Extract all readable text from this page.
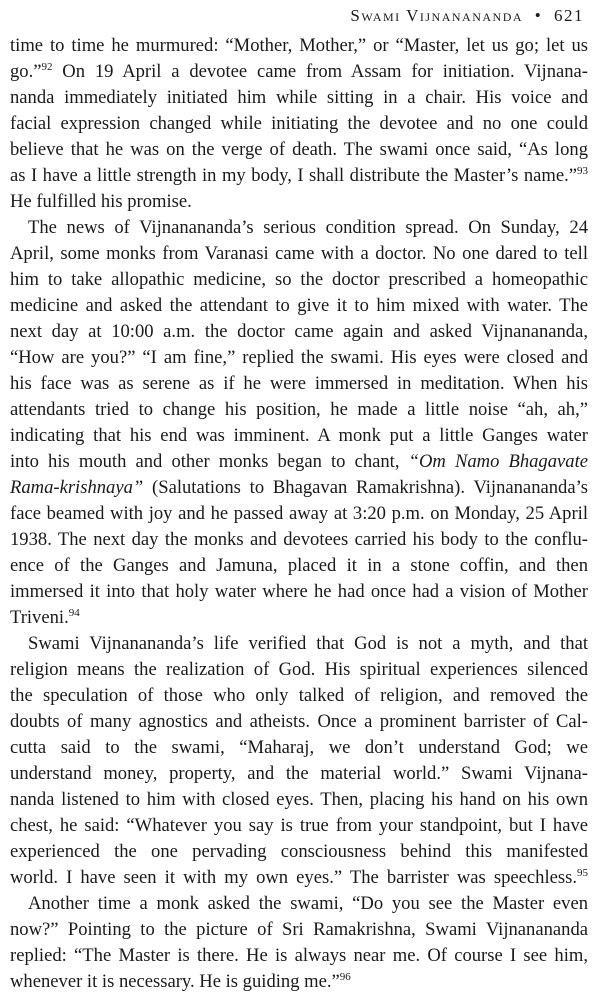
Swami Vijnanananda • 621
time to time he murmured: “Mother, Mother,” or “Master, let us go; let us
go.”$^{92}$ On 19 April a devotee came from Assam for initiation. Vijnana-
nanda immediately initiated him while sitting in a chair. His voice and
facial expression changed while initiating the devotee and no one could
believe that he was on the verge of death. The swami once said, “As long
as I have a little strength in my body, I shall distribute the Master’s name.”$^{93}$
He fulfilled his promise.
The news of Vijnanananda’s serious condition spread. On Sunday, 24
April, some monks from Varanasi came with a doctor. No one dared to tell
him to take allopathic medicine, so the doctor prescribed a homeopathic
medicine and asked the attendant to give it to him mixed with water. The
next day at 10:00 a.m. the doctor came again and asked Vijnanananda,
“How are you?” “I am fine,” replied the swami. His eyes were closed and
his face was as serene as if he were immersed in meditation. When his
attendants tried to change his position, he made a little noise “ah, ah,”
indicating that his end was imminent. A monk put a little Ganges water
into his mouth and other monks began to chant, “Om Namo Bhagavate
Rama-krishnaya” (Salutations to Bhagavan Ramakrishna). Vijnanananda’s
face beamed with joy and he passed away at 3:20 p.m. on Monday, 25 April
1938. The next day the monks and devotees carried his body to the conflu-
ence of the Ganges and Jamuna, placed it in a stone coffin, and then
immersed it into that holy water where he had once had a vision of Mother
Triveni.$^{94}$
Swami Vijnanananda’s life verified that God is not a myth, and that
religion means the realization of God. His spiritual experiences silenced
the speculation of those who only talked of religion, and removed the
doubts of many agnostics and atheists. Once a prominent barrister of Cal-
cutta said to the swami, “Maharaj, we don’t understand God; we
understand money, property, and the material world.” Swami Vijnana-
nanda listened to him with closed eyes. Then, placing his hand on his own
chest, he said: “Whatever you say is true from your standpoint, but I have
experienced the one pervading consciousness behind this manifested
world. I have seen it with my own eyes.” The barrister was speechless.$^{95}$
Another time a monk asked the swami, “Do you see the Master even
now?” Pointing to the picture of Sri Ramakrishna, Swami Vijnanananda
replied: “The Master is there. He is always near me. Of course I see him,
whenever it is necessary. He is guiding me.”$^{96}$
